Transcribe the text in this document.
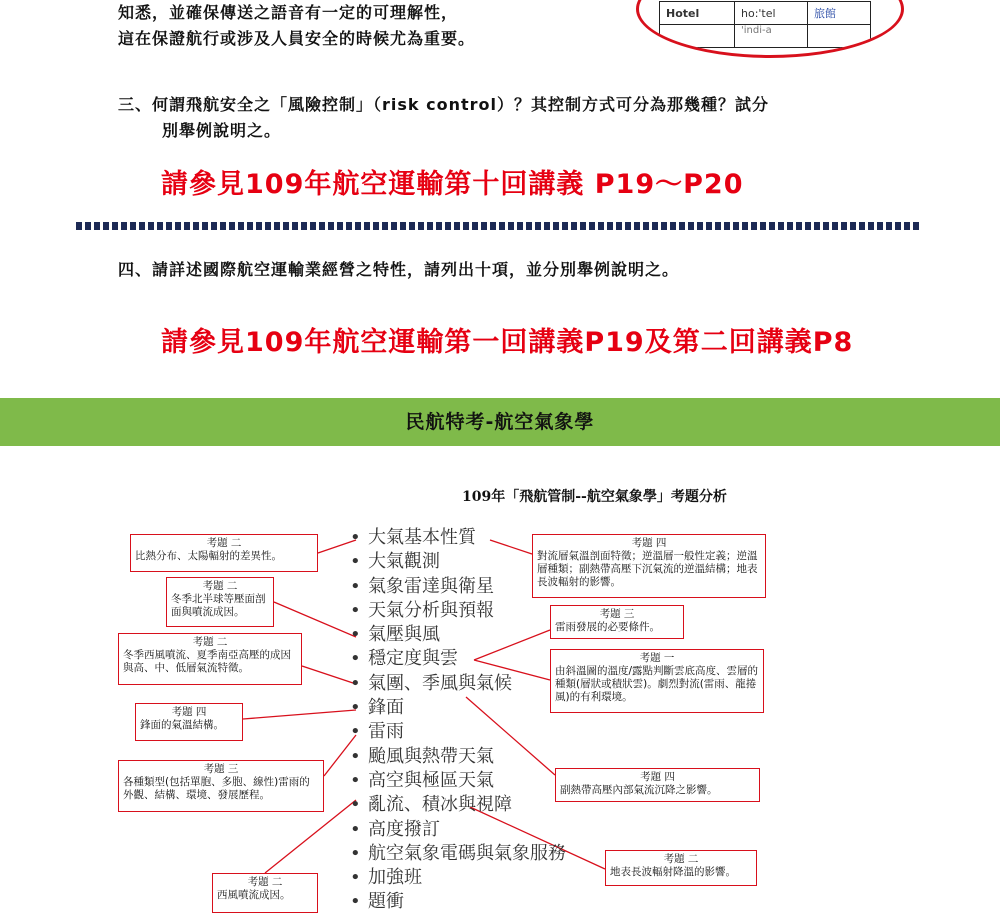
知悉，並確保傳送之語音有一定的可理解性，
這在保證航行或涉及人員安全的時候尤為重要。
Hotel	ho:'tel	旅館
	'indi-a	
三、何謂飛航安全之「風險控制」（risk control）？其控制方式可分為那幾種？試分
別舉例說明之。
請參見109年航空運輸第十回講義 P19～P20
四、請詳述國際航空運輸業經營之特性，請列出十項，並分別舉例說明之。
請參見109年航空運輸第一回講義P19及第二回講義P8
民航特考-航空氣象學
109年「飛航管制--航空氣象學」考題分析
• 大氣基本性質
• 大氣觀測
• 氣象雷達與衛星
• 天氣分析與預報
• 氣壓與風
• 穩定度與雲
• 氣團、季風與氣候
• 鋒面
• 雷雨
• 颱風與熱帶天氣
• 高空與極區天氣
• 亂流、積冰與視障
• 高度撥訂
• 航空氣象電碼與氣象服務
• 加強班
• 題衝
考題 二
比熱分布、太陽輻射的差異性。
考題 二
冬季北半球等壓面剖面與噴流成因。
考題 二
冬季西風噴流、夏季南亞高壓的成因與高、中、低層氣流特徵。
考題 四
鋒面的氣溫結構。
考題 三
各種類型(包括單胞、多胞、線性)雷雨的外觀、結構、環境、發展歷程。
考題 二
西風噴流成因。
考題 四
對流層氣溫剖面特徵；逆溫層一般性定義；逆溫層種類；副熱帶高壓下沉氣流的逆溫結構；地表長波輻射的影響。
考題 三
雷雨發展的必要條件。
考題 一
由斜溫圖的溫度/露點判斷雲底高度、雲層的種類(層狀或積狀雲)。劇烈對流(雷雨、龍捲風)的有利環境。
考題 四
副熱帶高壓內部氣流沉降之影響。
考題 二
地表長波輻射降溫的影響。
